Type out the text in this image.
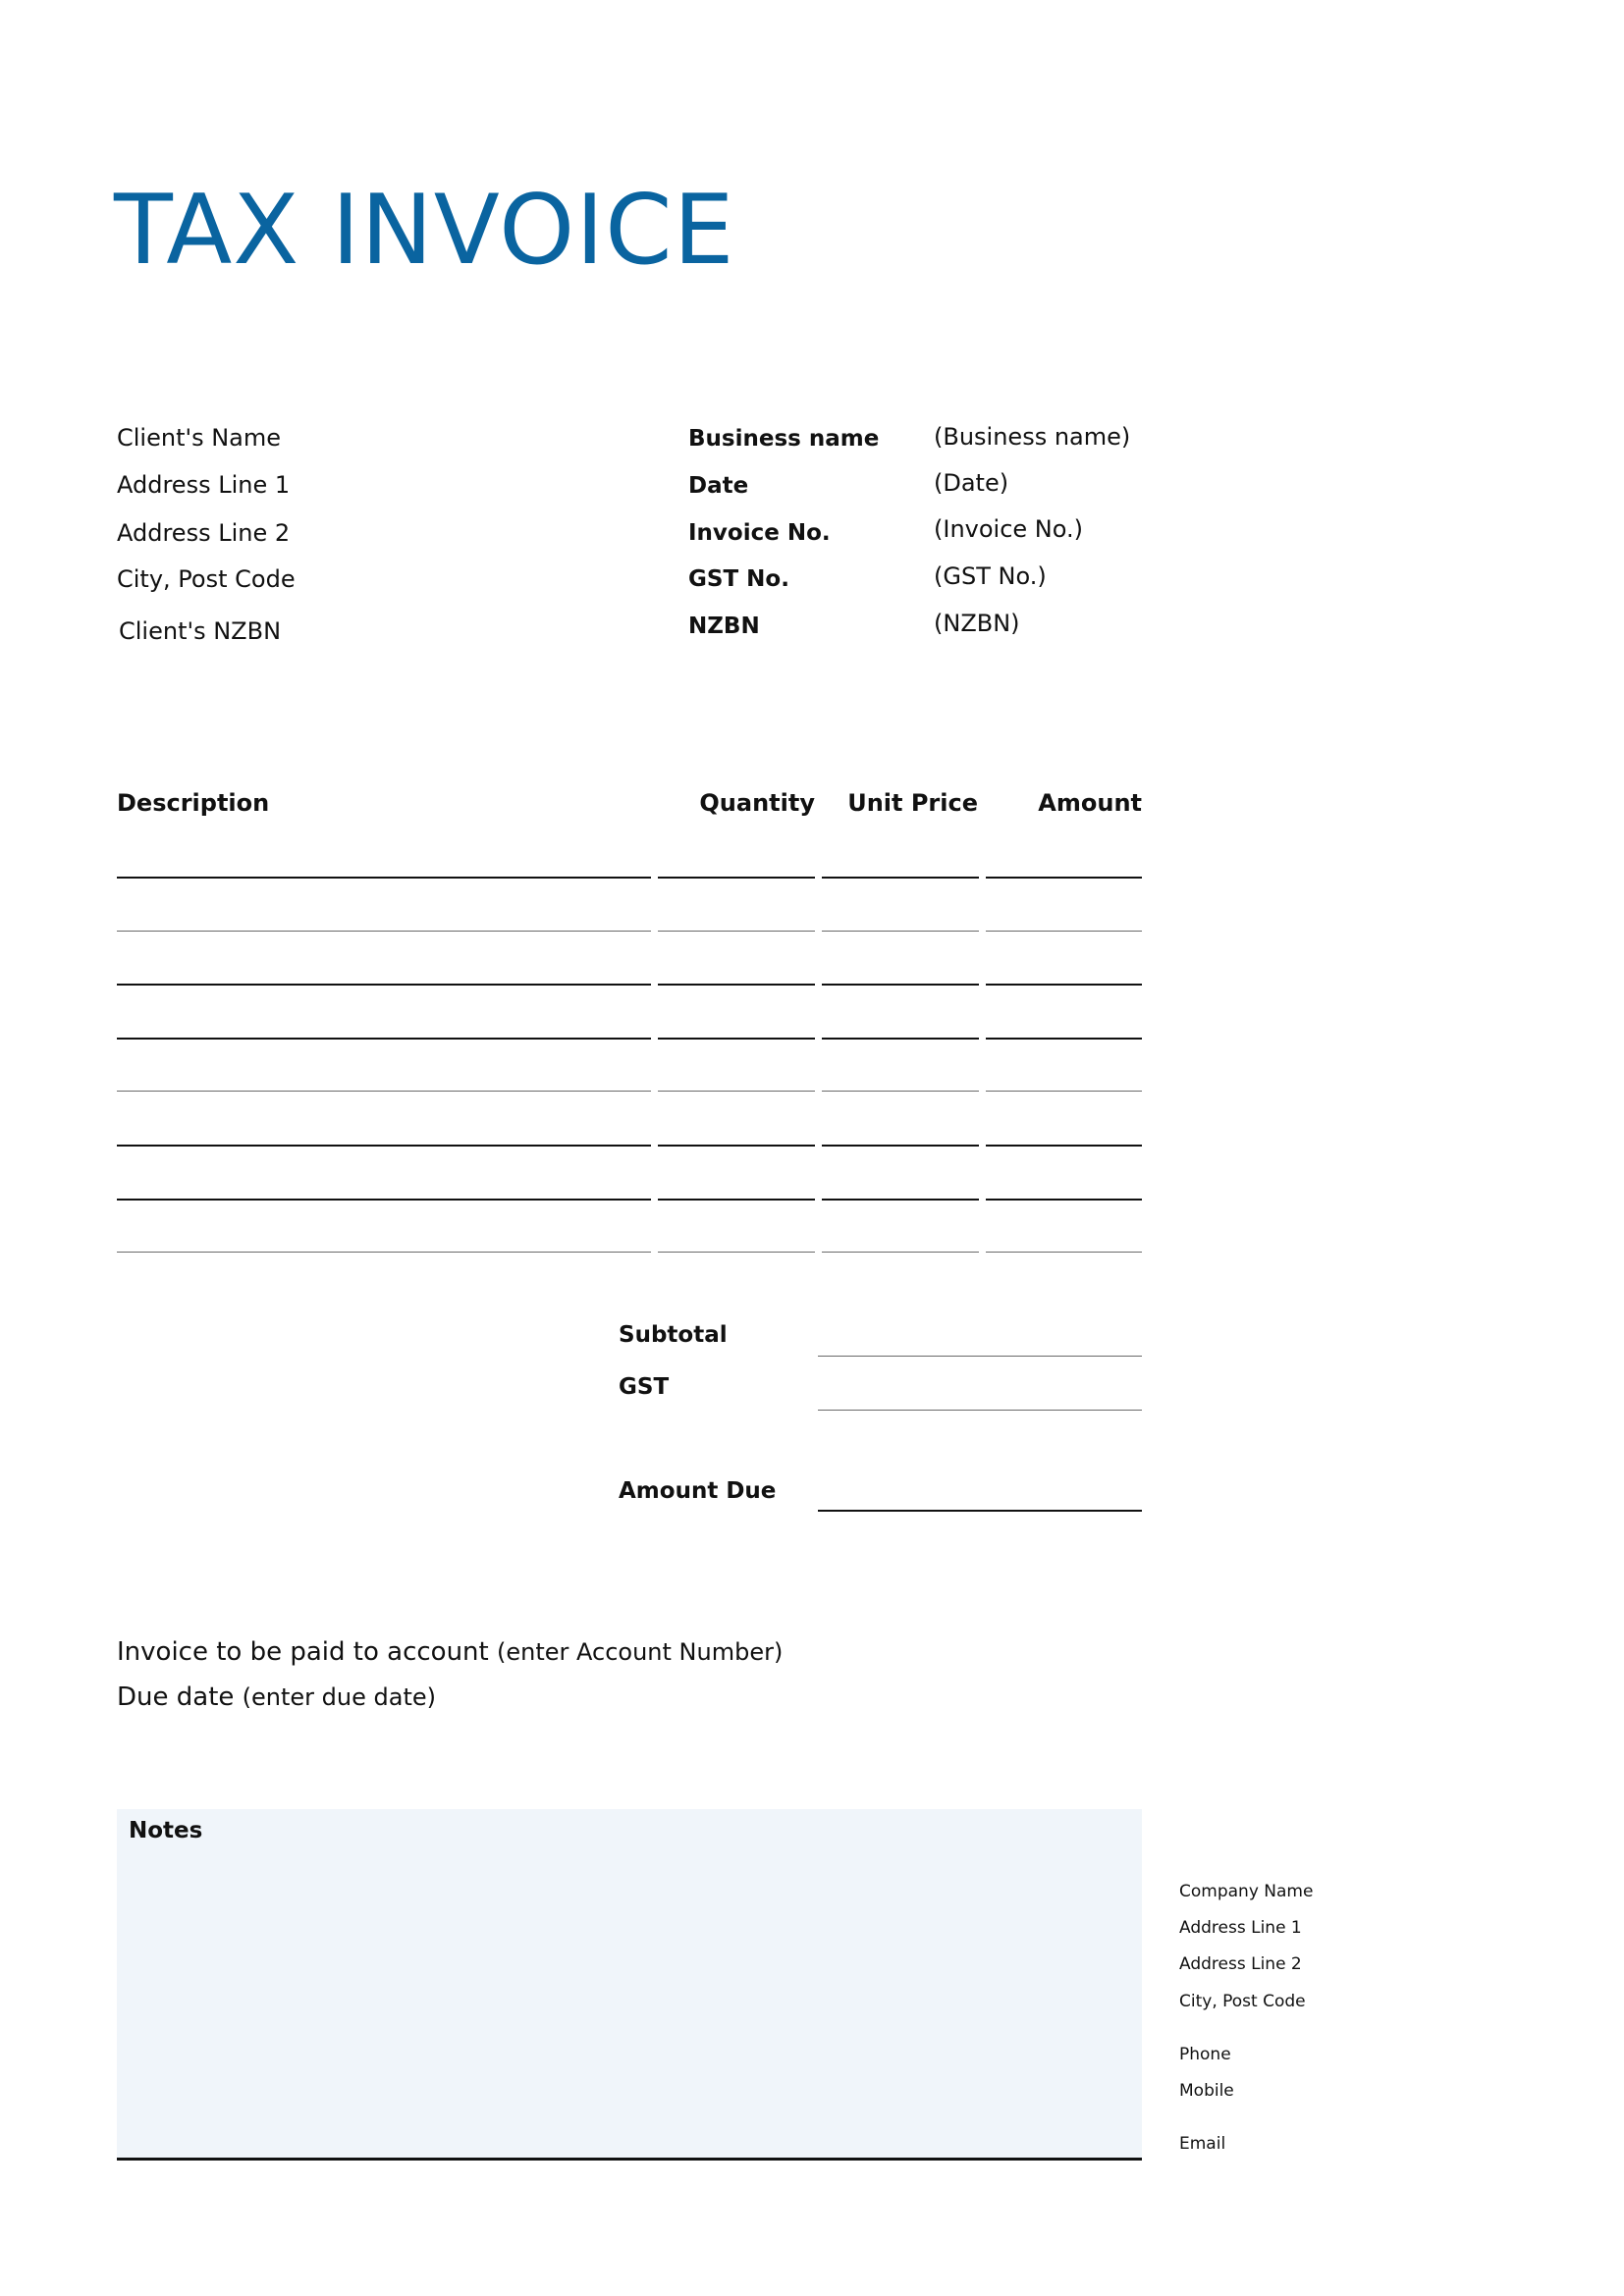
TAX INVOICE
Client's Name
Address Line 1
Address Line 2
City, Post Code
Client's NZBN
Business name (Business name)
Date	(Date)
Invoice No.	(Invoice No.)
GST No.	(GST No.)
NZBN	(NZBN)
Description	Quantity	Unit Price	Amount
Subtotal
GST
Amount Due
Invoice to be paid to account (enter Account Number)
Due date (enter due date)
Notes
Company Name
Address Line 1
Address Line 2
City, Post Code
Phone
Mobile
Email
